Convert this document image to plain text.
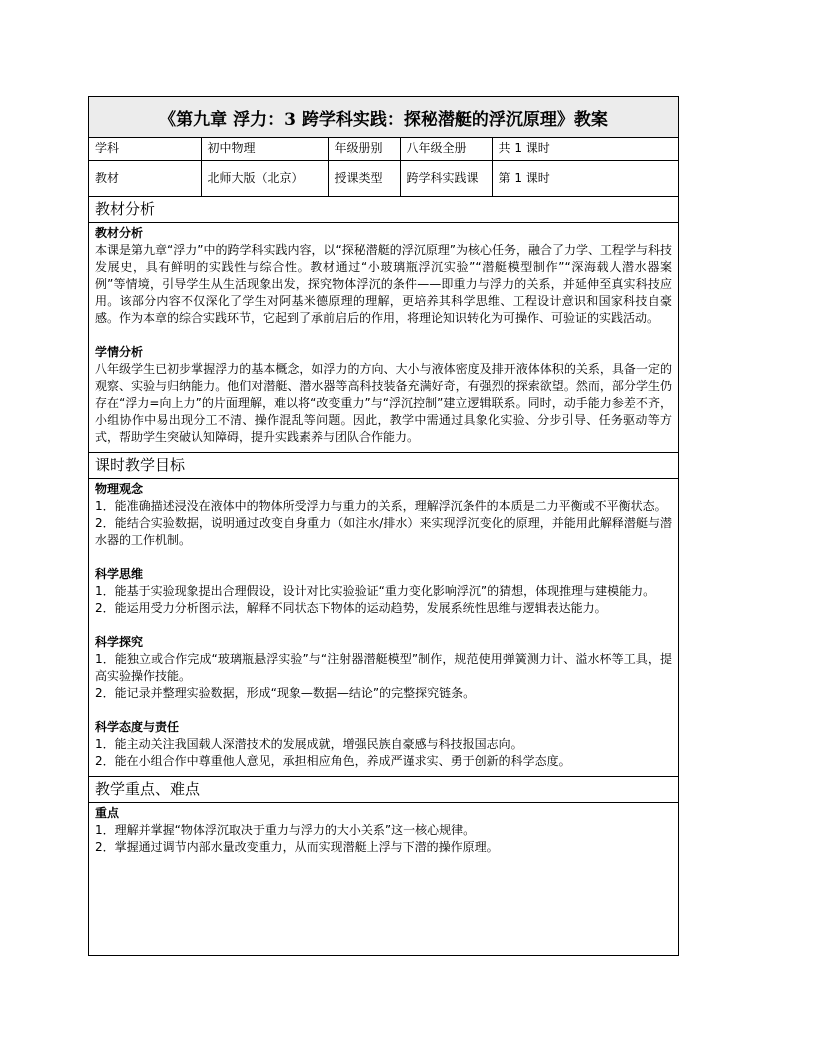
《第九章 浮力：3 跨学科实践：探秘潜艇的浮沉原理》教案
学科	初中物理	年级册别	八年级全册	共 1 课时
教材	北师大版（北京）	授课类型	跨学科实践课	第 1 课时
教材分析
教材分析

本课是第九章“浮力”中的跨学科实践内容，以“探秘潜艇的浮沉原理”为核心任务，融合了力学、工程学与科技发展史，具有鲜明的实践性与综合性。教材通过“小玻璃瓶浮沉实验”“潜艇模型制作”“深海载人潜水器案例”等情境，引导学生从生活现象出发，探究物体浮沉的条件——即重力与浮力的关系，并延伸至真实科技应用。该部分内容不仅深化了学生对阿基米德原理的理解，更培养其科学思维、工程设计意识和国家科技自豪感。作为本章的综合实践环节，它起到了承前启后的作用，将理论知识转化为可操作、可验证的实践活动。

学情分析

八年级学生已初步掌握浮力的基本概念，如浮力的方向、大小与液体密度及排开液体体积的关系，具备一定的观察、实验与归纳能力。他们对潜艇、潜水器等高科技装备充满好奇，有强烈的探索欲望。然而，部分学生仍存在“浮力=向上力”的片面理解，难以将“改变重力”与“浮沉控制”建立逻辑联系。同时，动手能力参差不齐，小组协作中易出现分工不清、操作混乱等问题。因此，教学中需通过具象化实验、分步引导、任务驱动等方式，帮助学生突破认知障碍，提升实践素养与团队合作能力。

课时教学目标
物理观念

1．能准确描述浸没在液体中的物体所受浮力与重力的关系，理解浮沉条件的本质是二力平衡或不平衡状态。

2．能结合实验数据，说明通过改变自身重力（如注水/排水）来实现浮沉变化的原理，并能用此解释潜艇与潜水器的工作机制。

科学思维

1．能基于实验现象提出合理假设，设计对比实验验证“重力变化影响浮沉”的猜想，体现推理与建模能力。

2．能运用受力分析图示法，解释不同状态下物体的运动趋势，发展系统性思维与逻辑表达能力。

科学探究

1．能独立或合作完成“玻璃瓶悬浮实验”与“注射器潜艇模型”制作，规范使用弹簧测力计、溢水杯等工具，提高实验操作技能。

2．能记录并整理实验数据，形成“现象—数据—结论”的完整探究链条。

科学态度与责任

1．能主动关注我国载人深潜技术的发展成就，增强民族自豪感与科技报国志向。

2．能在小组合作中尊重他人意见，承担相应角色，养成严谨求实、勇于创新的科学态度。

教学重点、难点
重点

1．理解并掌握“物体浮沉取决于重力与浮力的大小关系”这一核心规律。

2．掌握通过调节内部水量改变重力，从而实现潜艇上浮与下潜的操作原理。
